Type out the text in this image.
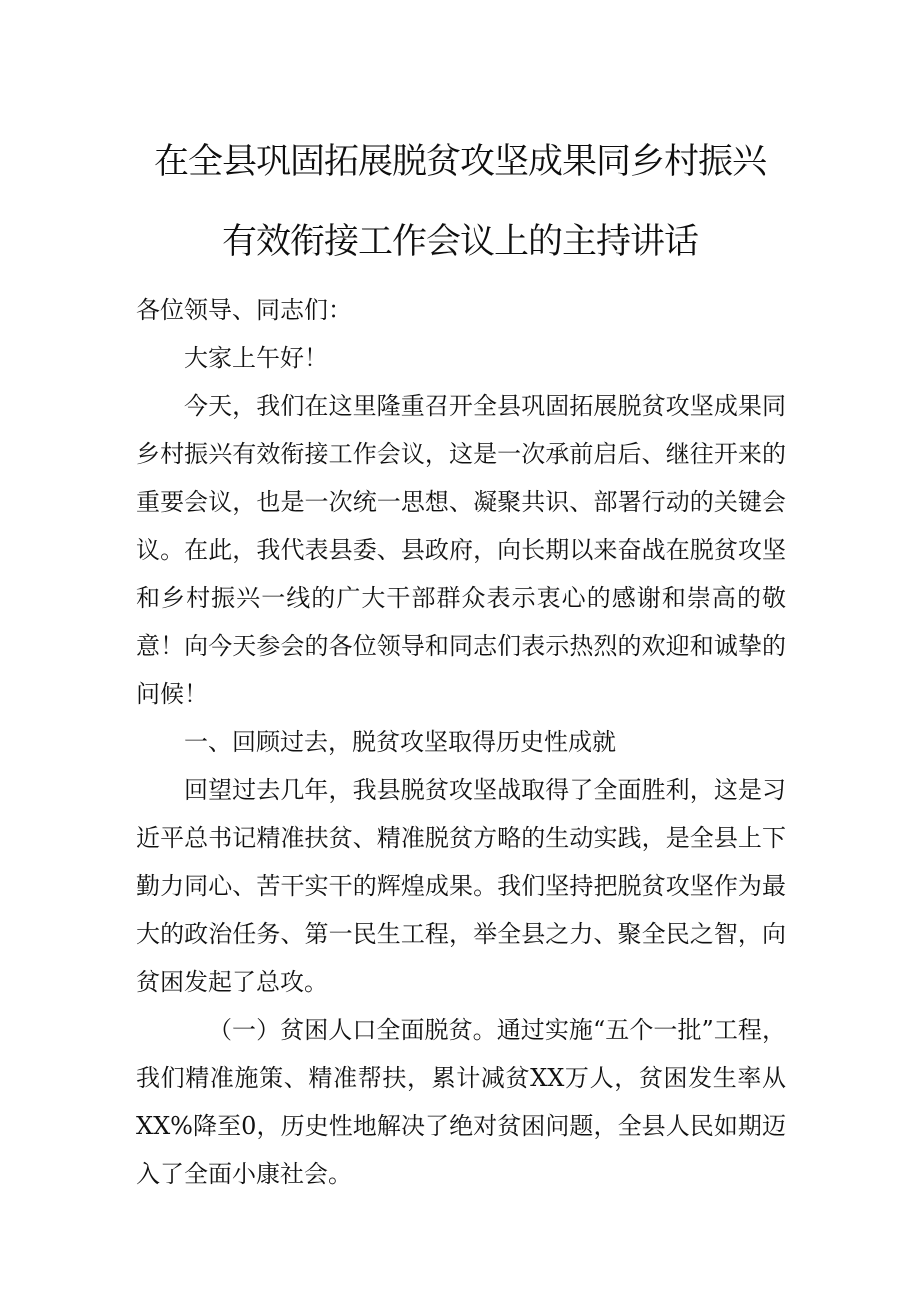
在全县巩固拓展脱贫攻坚成果同乡村振兴
有效衔接工作会议上的主持讲话

各位领导、同志们：

大家上午好！

今天，我们在这里隆重召开全县巩固拓展脱贫攻坚成果同乡村振兴有效衔接工作会议，这是一次承前启后、继往开来的重要会议，也是一次统一思想、凝聚共识、部署行动的关键会议。在此，我代表县委、县政府，向长期以来奋战在脱贫攻坚和乡村振兴一线的广大干部群众表示衷心的感谢和崇高的敬意！向今天参会的各位领导和同志们表示热烈的欢迎和诚挚的问候！

一、回顾过去，脱贫攻坚取得历史性成就

回望过去几年，我县脱贫攻坚战取得了全面胜利，这是习近平总书记精准扶贫、精准脱贫方略的生动实践，是全县上下勤力同心、苦干实干的辉煌成果。我们坚持把脱贫攻坚作为最大的政治任务、第一民生工程，举全县之力、聚全民之智，向贫困发起了总攻。

（一）贫困人口全面脱贫。通过实施“五个一批”工程，我们精准施策、精准帮扶，累计减贫XX万人，贫困发生率从XX%降至0，历史性地解决了绝对贫困问题，全县人民如期迈入了全面小康社会。
